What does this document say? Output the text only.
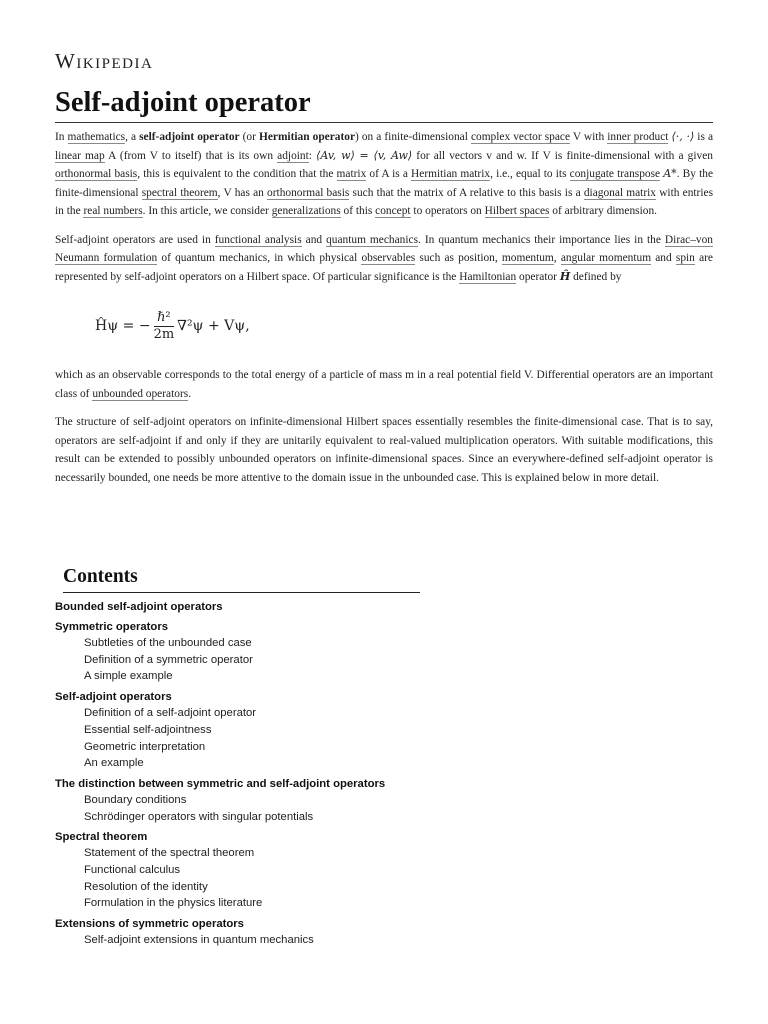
Wikipedia
Self-adjoint operator

In mathematics, a self-adjoint operator (or Hermitian operator) on a finite-dimensional complex vector space V with inner product ⟨·, ·⟩ is a linear map A (from V to itself) that is its own adjoint: ⟨Av, w⟩ = ⟨v, Aw⟩ for all vectors v and w. If V is finite-dimensional with a given orthonormal basis, this is equivalent to the condition that the matrix of A is a Hermitian matrix, i.e., equal to its conjugate transpose A*. By the finite-dimensional spectral theorem, V has an orthonormal basis such that the matrix of A relative to this basis is a diagonal matrix with entries in the real numbers. In this article, we consider generalizations of this concept to operators on Hilbert spaces of arbitrary dimension.

Self-adjoint operators are used in functional analysis and quantum mechanics. In quantum mechanics their importance lies in the Dirac–von Neumann formulation of quantum mechanics, in which physical observables such as position, momentum, angular momentum and spin are represented by self-adjoint operators on a Hilbert space. Of particular significance is the Hamiltonian operator Ĥ defined by

Ĥψ = − $\frac{\text{ℏ²}}{2m} \nabla^2\psi + V\psi$,

which as an observable corresponds to the total energy of a particle of mass m in a real potential field V. Differential operators are an important class of unbounded operators.

The structure of self-adjoint operators on infinite-dimensional Hilbert spaces essentially resembles the finite-dimensional case. That is to say, operators are self-adjoint if and only if they are unitarily equivalent to real-valued multiplication operators. With suitable modifications, this result can be extended to possibly unbounded operators on infinite-dimensional spaces. Since an everywhere-defined self-adjoint operator is necessarily bounded, one needs be more attentive to the domain issue in the unbounded case. This is explained below in more detail.

Contents
Bounded self-adjoint operators
Symmetric operators
Subtleties of the unbounded case
Definition of a symmetric operator
A simple example
Self-adjoint operators
Definition of a self-adjoint operator
Essential self-adjointness
Geometric interpretation
An example
The distinction between symmetric and self-adjoint operators
Boundary conditions
Schrödinger operators with singular potentials
Spectral theorem
Statement of the spectral theorem
Functional calculus
Resolution of the identity
Formulation in the physics literature
Extensions of symmetric operators
Self-adjoint extensions in quantum mechanics
